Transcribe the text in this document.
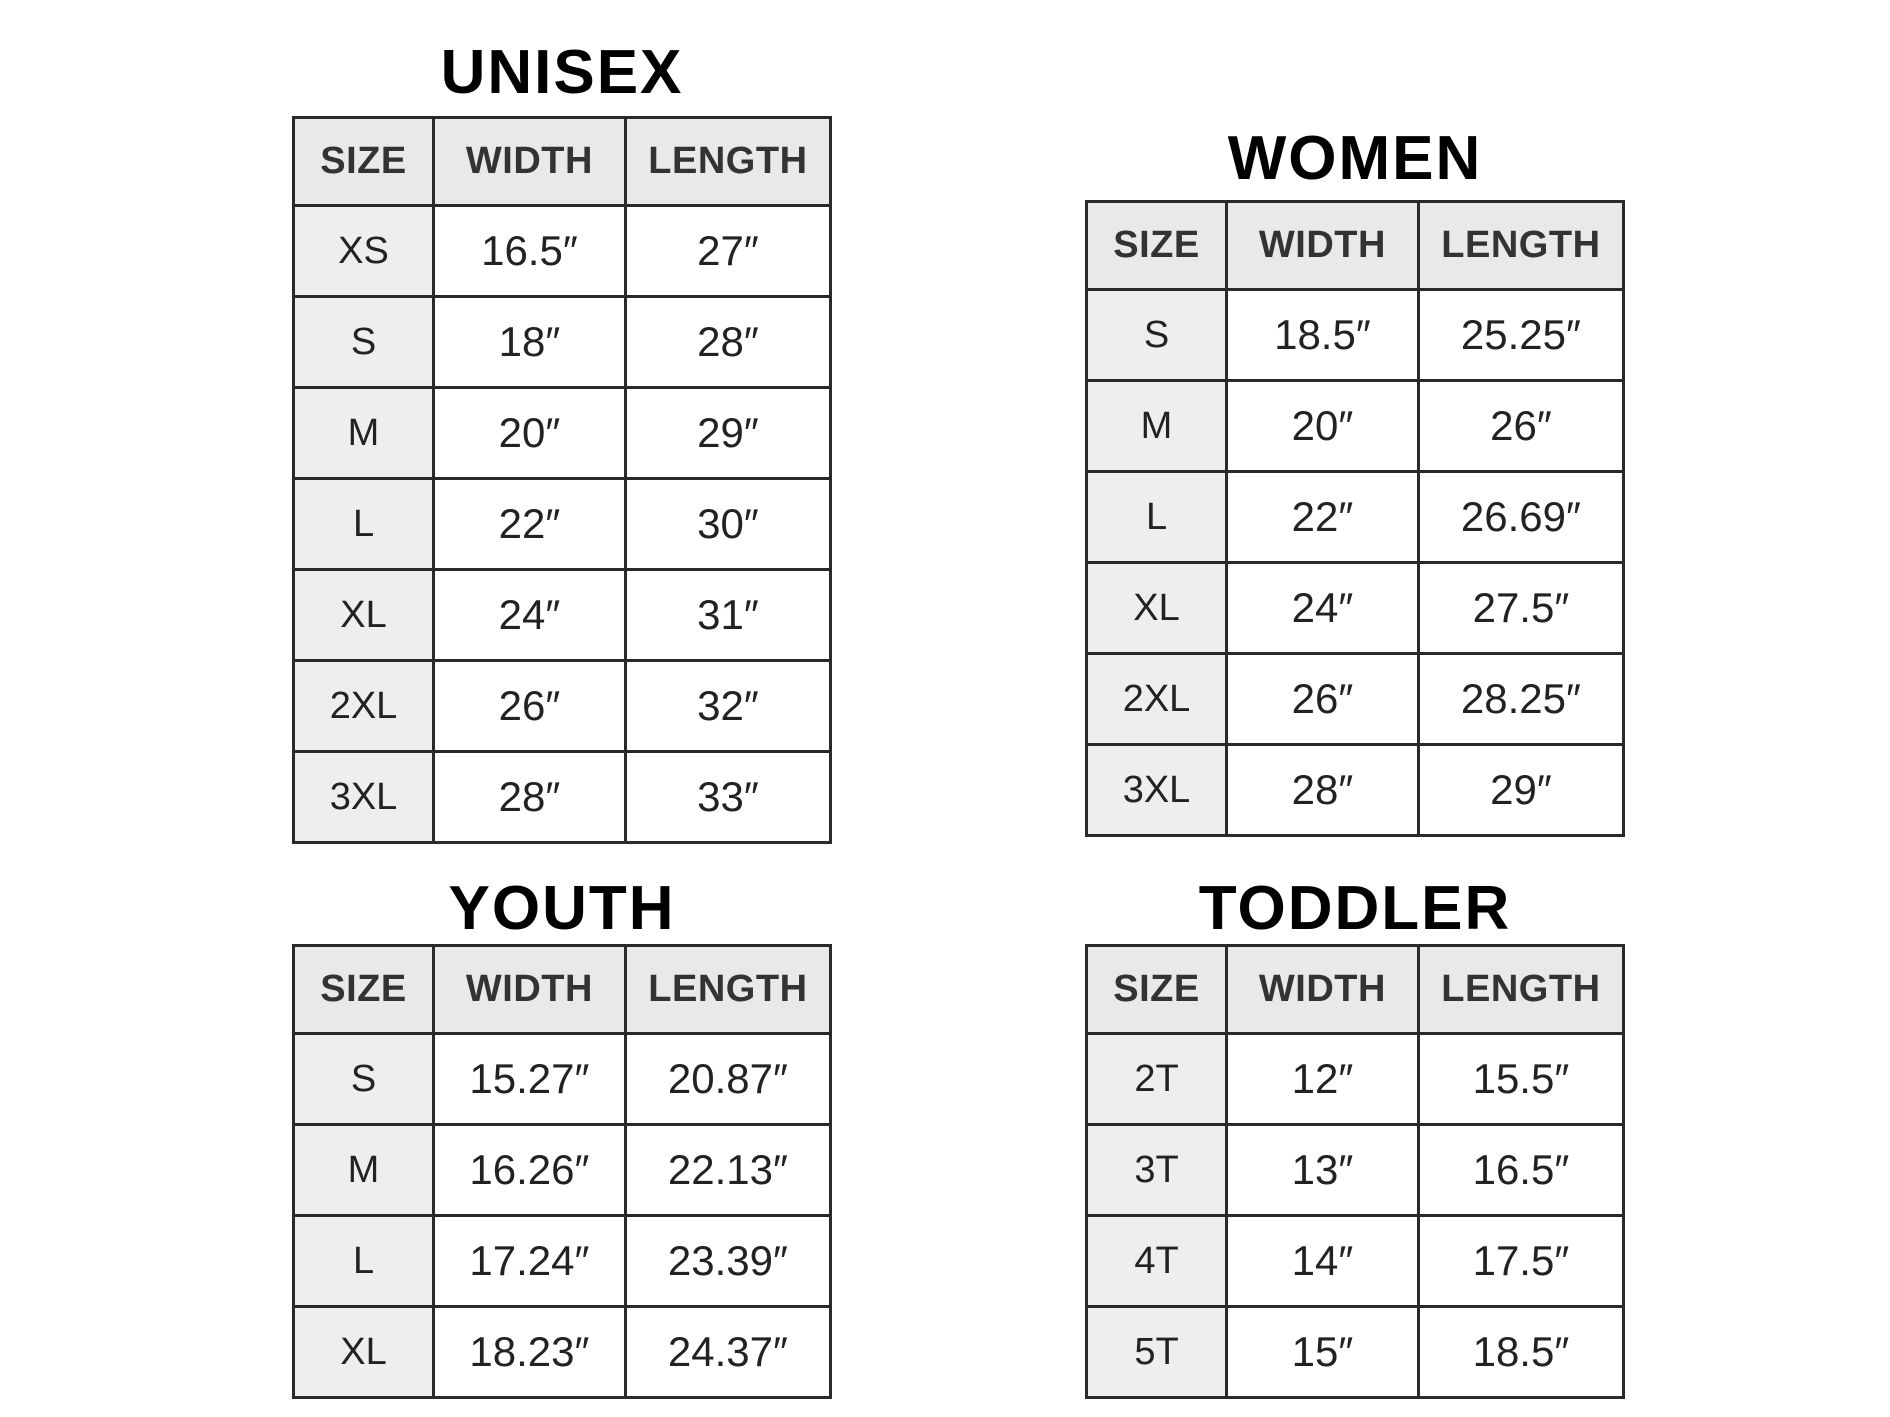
UNISEX
SIZE	WIDTH	LENGTH
XS	16.5″	27″
S	18″	28″
M	20″	29″
L	22″	30″
XL	24″	31″
2XL	26″	32″
3XL	28″	33″
WOMEN
SIZE	WIDTH	LENGTH
S	18.5″	25.25″
M	20″	26″
L	22″	26.69″
XL	24″	27.5″
2XL	26″	28.25″
3XL	28″	29″
YOUTH
SIZE	WIDTH	LENGTH
S	15.27″	20.87″
M	16.26″	22.13″
L	17.24″	23.39″
XL	18.23″	24.37″
TODDLER
SIZE	WIDTH	LENGTH
2T	12″	15.5″
3T	13″	16.5″
4T	14″	17.5″
5T	15″	18.5″
